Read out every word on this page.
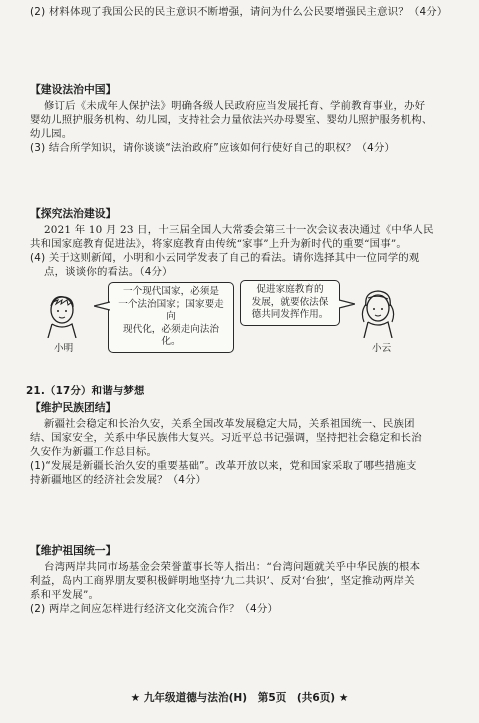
(2) 材料体现了我国公民的民主意识不断增强，请问为什么公民要增强民主意识？（4分）
【建设法治中国】
修订后《未成年人保护法》明确各级人民政府应当发展托育、学前教育事业，办好
婴幼儿照护服务机构、幼儿园，支持社会力量依法兴办母婴室、婴幼儿照护服务机构、
幼儿园。
(3) 结合所学知识，请你谈谈“法治政府”应该如何行使好自己的职权？（4分）
【探究法治建设】
2021 年 10 月 23 日，十三届全国人大常委会第三十一次会议表决通过《中华人民
共和国家庭教育促进法》，将家庭教育由传统“家事”上升为新时代的重要“国事”。
(4) 关于这则新闻，小明和小云同学发表了自己的看法。请你选择其中一位同学的观
点，谈谈你的看法。（4分）
小明
一个现代国家，必须是
一个法治国家；国家要走向
现代化，必须走向法治化。
促进家庭教育的
发展，就要依法保
德共同发挥作用。
小云
21.（17分）和谐与梦想
【维护民族团结】
新疆社会稳定和长治久安，关系全国改革发展稳定大局，关系祖国统一、民族团
结、国家安全，关系中华民族伟大复兴。习近平总书记强调，坚持把社会稳定和长治
久安作为新疆工作总目标。
(1)“发展是新疆长治久安的重要基础”。改革开放以来，党和国家采取了哪些措施支
持新疆地区的经济社会发展？（4分）
【维护祖国统一】
台湾两岸共同市场基金会荣誉董事长等人指出：“台湾问题就关乎中华民族的根本
利益，岛内工商界朋友要积极鲜明地坚持‘九二共识’、反对‘台独’，坚定推动两岸关
系和平发展”。
(2) 两岸之间应怎样进行经济文化交流合作？（4分）
★ 九年级道德与法治(H)　第5页　(共6页) ★
